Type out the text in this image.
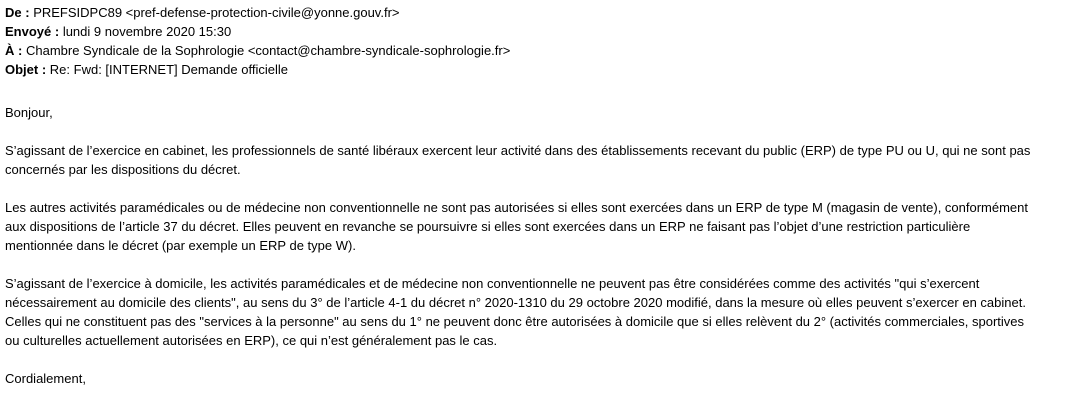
De : PREFSIDPC89 <pref-defense-protection-civile@yonne.gouv.fr>
Envoyé : lundi 9 novembre 2020 15:30
À : Chambre Syndicale de la Sophrologie <contact@chambre-syndicale-sophrologie.fr>
Objet : Re: Fwd: [INTERNET] Demande officielle

Bonjour,

S’agissant de l’exercice en cabinet, les professionnels de santé libéraux exercent leur activité dans des établissements recevant du public (ERP) de type PU ou U, qui ne sont pas

concernés par les dispositions du décret.

Les autres activités paramédicales ou de médecine non conventionnelle ne sont pas autorisées si elles sont exercées dans un ERP de type M (magasin de vente), conformément

aux dispositions de l’article 37 du décret. Elles peuvent en revanche se poursuivre si elles sont exercées dans un ERP ne faisant pas l’objet d’une restriction particulière

mentionnée dans le décret (par exemple un ERP de type W).

S’agissant de l’exercice à domicile, les activités paramédicales et de médecine non conventionnelle ne peuvent pas être considérées comme des activités "qui s’exercent

nécessairement au domicile des clients", au sens du 3° de l’article 4-1 du décret n° 2020-1310 du 29 octobre 2020 modifié, dans la mesure où elles peuvent s’exercer en cabinet.

Celles qui ne constituent pas des "services à la personne" au sens du 1° ne peuvent donc être autorisées à domicile que si elles relèvent du 2° (activités commerciales, sportives

ou culturelles actuellement autorisées en ERP), ce qui n’est généralement pas le cas.

Cordialement,
